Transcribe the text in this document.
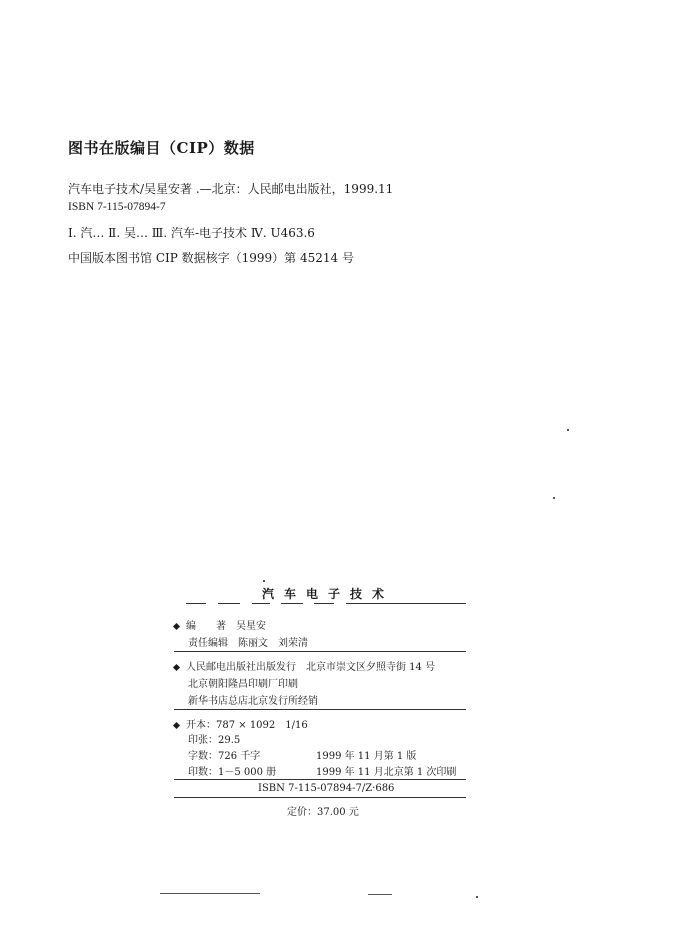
图书在版编目（CIP）数据
汽车电子技术/吴星安著 .—北京：人民邮电出版社，1999.11
ISBN 7-115-07894-7
Ⅰ. 汽… Ⅱ. 吴… Ⅲ. 汽车-电子技术 Ⅳ. U463.6
中国版本图书馆 CIP 数据核字（1999）第 45214 号
汽车电子技术
编　　著　 吴星安
责任编辑　 陈丽文　刘荣清
人民邮电出版社出版发行　 北京市崇文区夕照寺街 14 号
北京朝阳隆昌印刷厂印刷
新华书店总店北京发行所经销
开本：787 × 1092　1/16
印张：29.5
字数：726 千字	1999 年 11 月第 1 版
印数：1－5 000 册	1999 年 11 月北京第 1 次印刷
ISBN 7-115-07894-7/Z·686
定价：37.00 元
